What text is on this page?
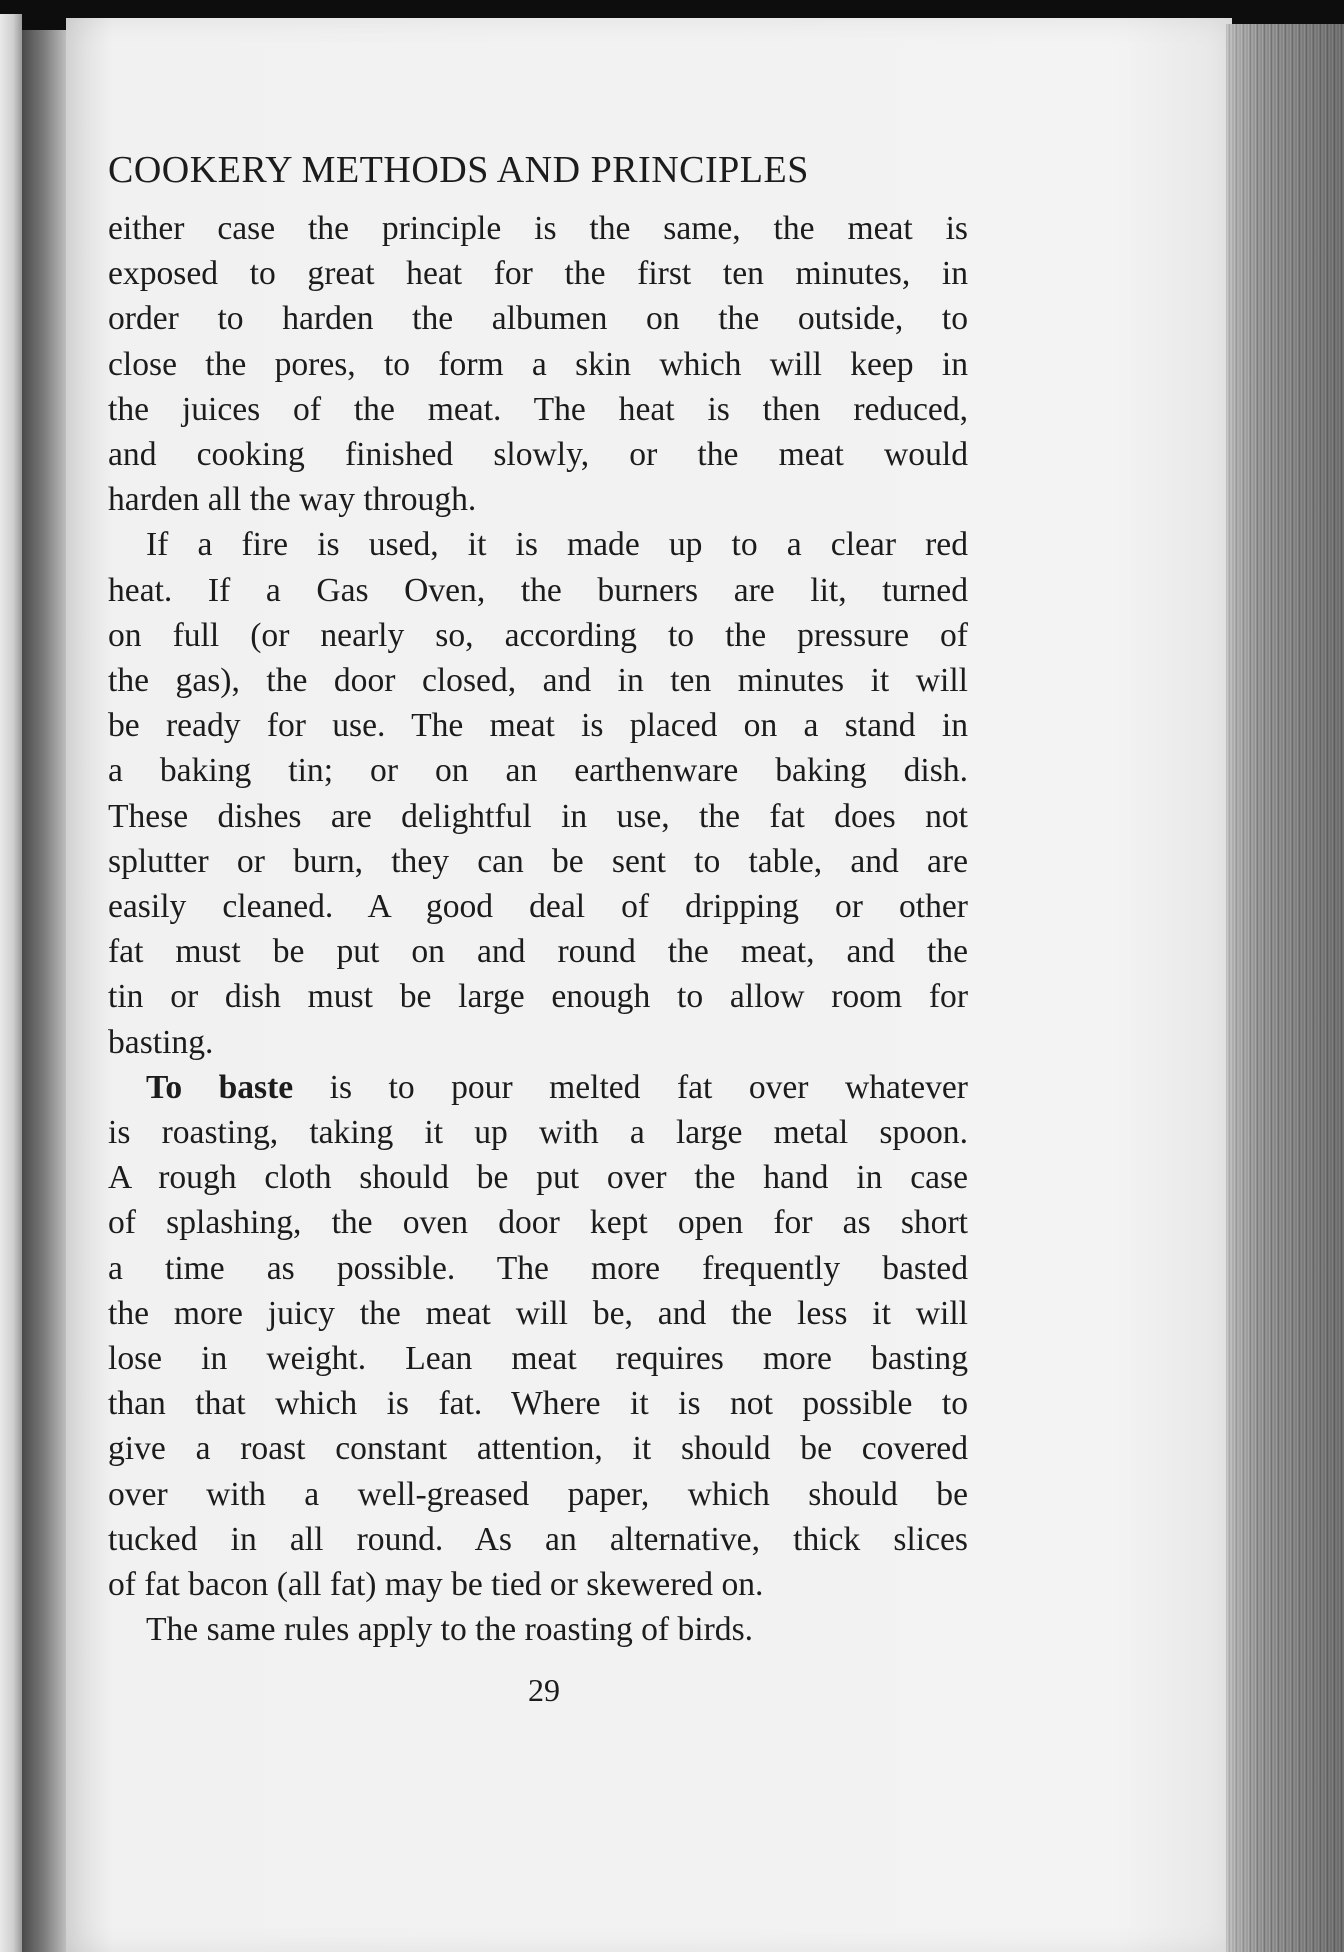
COOKERY METHODS AND PRINCIPLES

either case the principle is the same, the meat is
exposed to great heat for the first ten minutes, in
order to harden the albumen on the outside, to
close the pores, to form a skin which will keep in
the juices of the meat. The heat is then reduced,
and cooking finished slowly, or the meat would
harden all the way through.

If a fire is used, it is made up to a clear red
heat. If a Gas Oven, the burners are lit, turned
on full (or nearly so, according to the pressure of
the gas), the door closed, and in ten minutes it will
be ready for use. The meat is placed on a stand in
a baking tin; or on an earthenware baking dish.
These dishes are delightful in use, the fat does not
splutter or burn, they can be sent to table, and are
easily cleaned. A good deal of dripping or other
fat must be put on and round the meat, and the
tin or dish must be large enough to allow room for
basting.

To baste is to pour melted fat over whatever
is roasting, taking it up with a large metal spoon.
A rough cloth should be put over the hand in case
of splashing, the oven door kept open for as short
a time as possible. The more frequently basted
the more juicy the meat will be, and the less it will
lose in weight. Lean meat requires more basting
than that which is fat. Where it is not possible to
give a roast constant attention, it should be covered
over with a well-greased paper, which should be
tucked in all round. As an alternative, thick slices
of fat bacon (all fat) may be tied or skewered on.

The same rules apply to the roasting of birds.

29
